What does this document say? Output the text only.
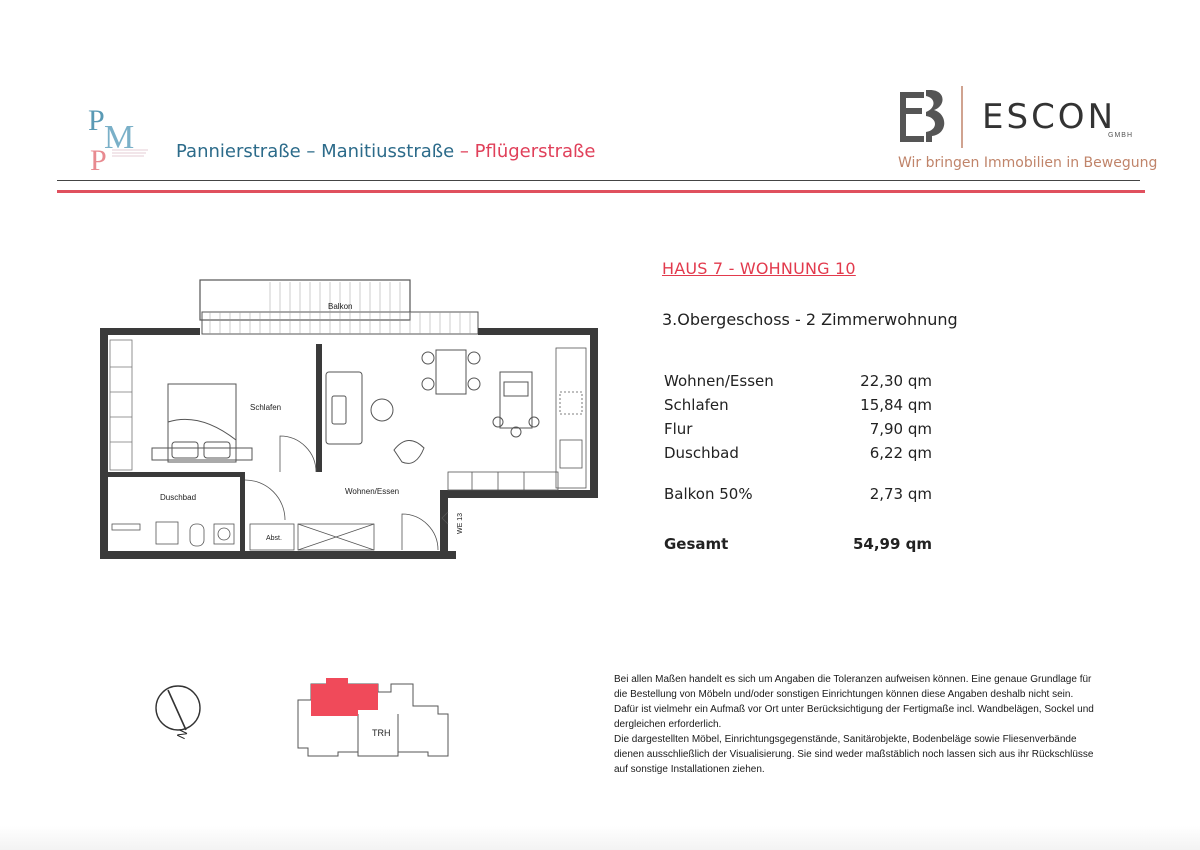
P M
P	Pannierstraße – Manitiusstraße – Pflügerstraße
ESCON
GMBH
Wir bringen Immobilien in Bewegung
Balkon
Schlafen
Duschbad
Abst.
Wohnen/Essen
WE 13
HAUS 7 - WOHNUNG 10
3.Obergeschoss - 2 Zimmerwohnung
Wohnen/Essen	22,30 qm
Schlafen	15,84 qm
Flur	7,90 qm
Duschbad	6,22 qm
Balkon 50%	2,73 qm
Gesamt	54,99 qm
N	TRH

Bei allen Maßen handelt es sich um Angaben die Toleranzen aufweisen können. Eine genaue Grundlage für die Bestellung von Möbeln und/oder sonstigen Einrichtungen können diese Angaben deshalb nicht sein. Dafür ist vielmehr ein Aufmaß vor Ort unter Berücksichtigung der Fertigmaße incl. Wandbelägen, Sockel und dergleichen erforderlich.

Die dargestellten Möbel, Einrichtungsgegenstände, Sanitärobjekte, Bodenbeläge sowie Fliesenverbände dienen ausschließlich der Visualisierung. Sie sind weder maßstäblich noch lassen sich aus ihr Rückschlüsse auf sonstige Installationen ziehen.
